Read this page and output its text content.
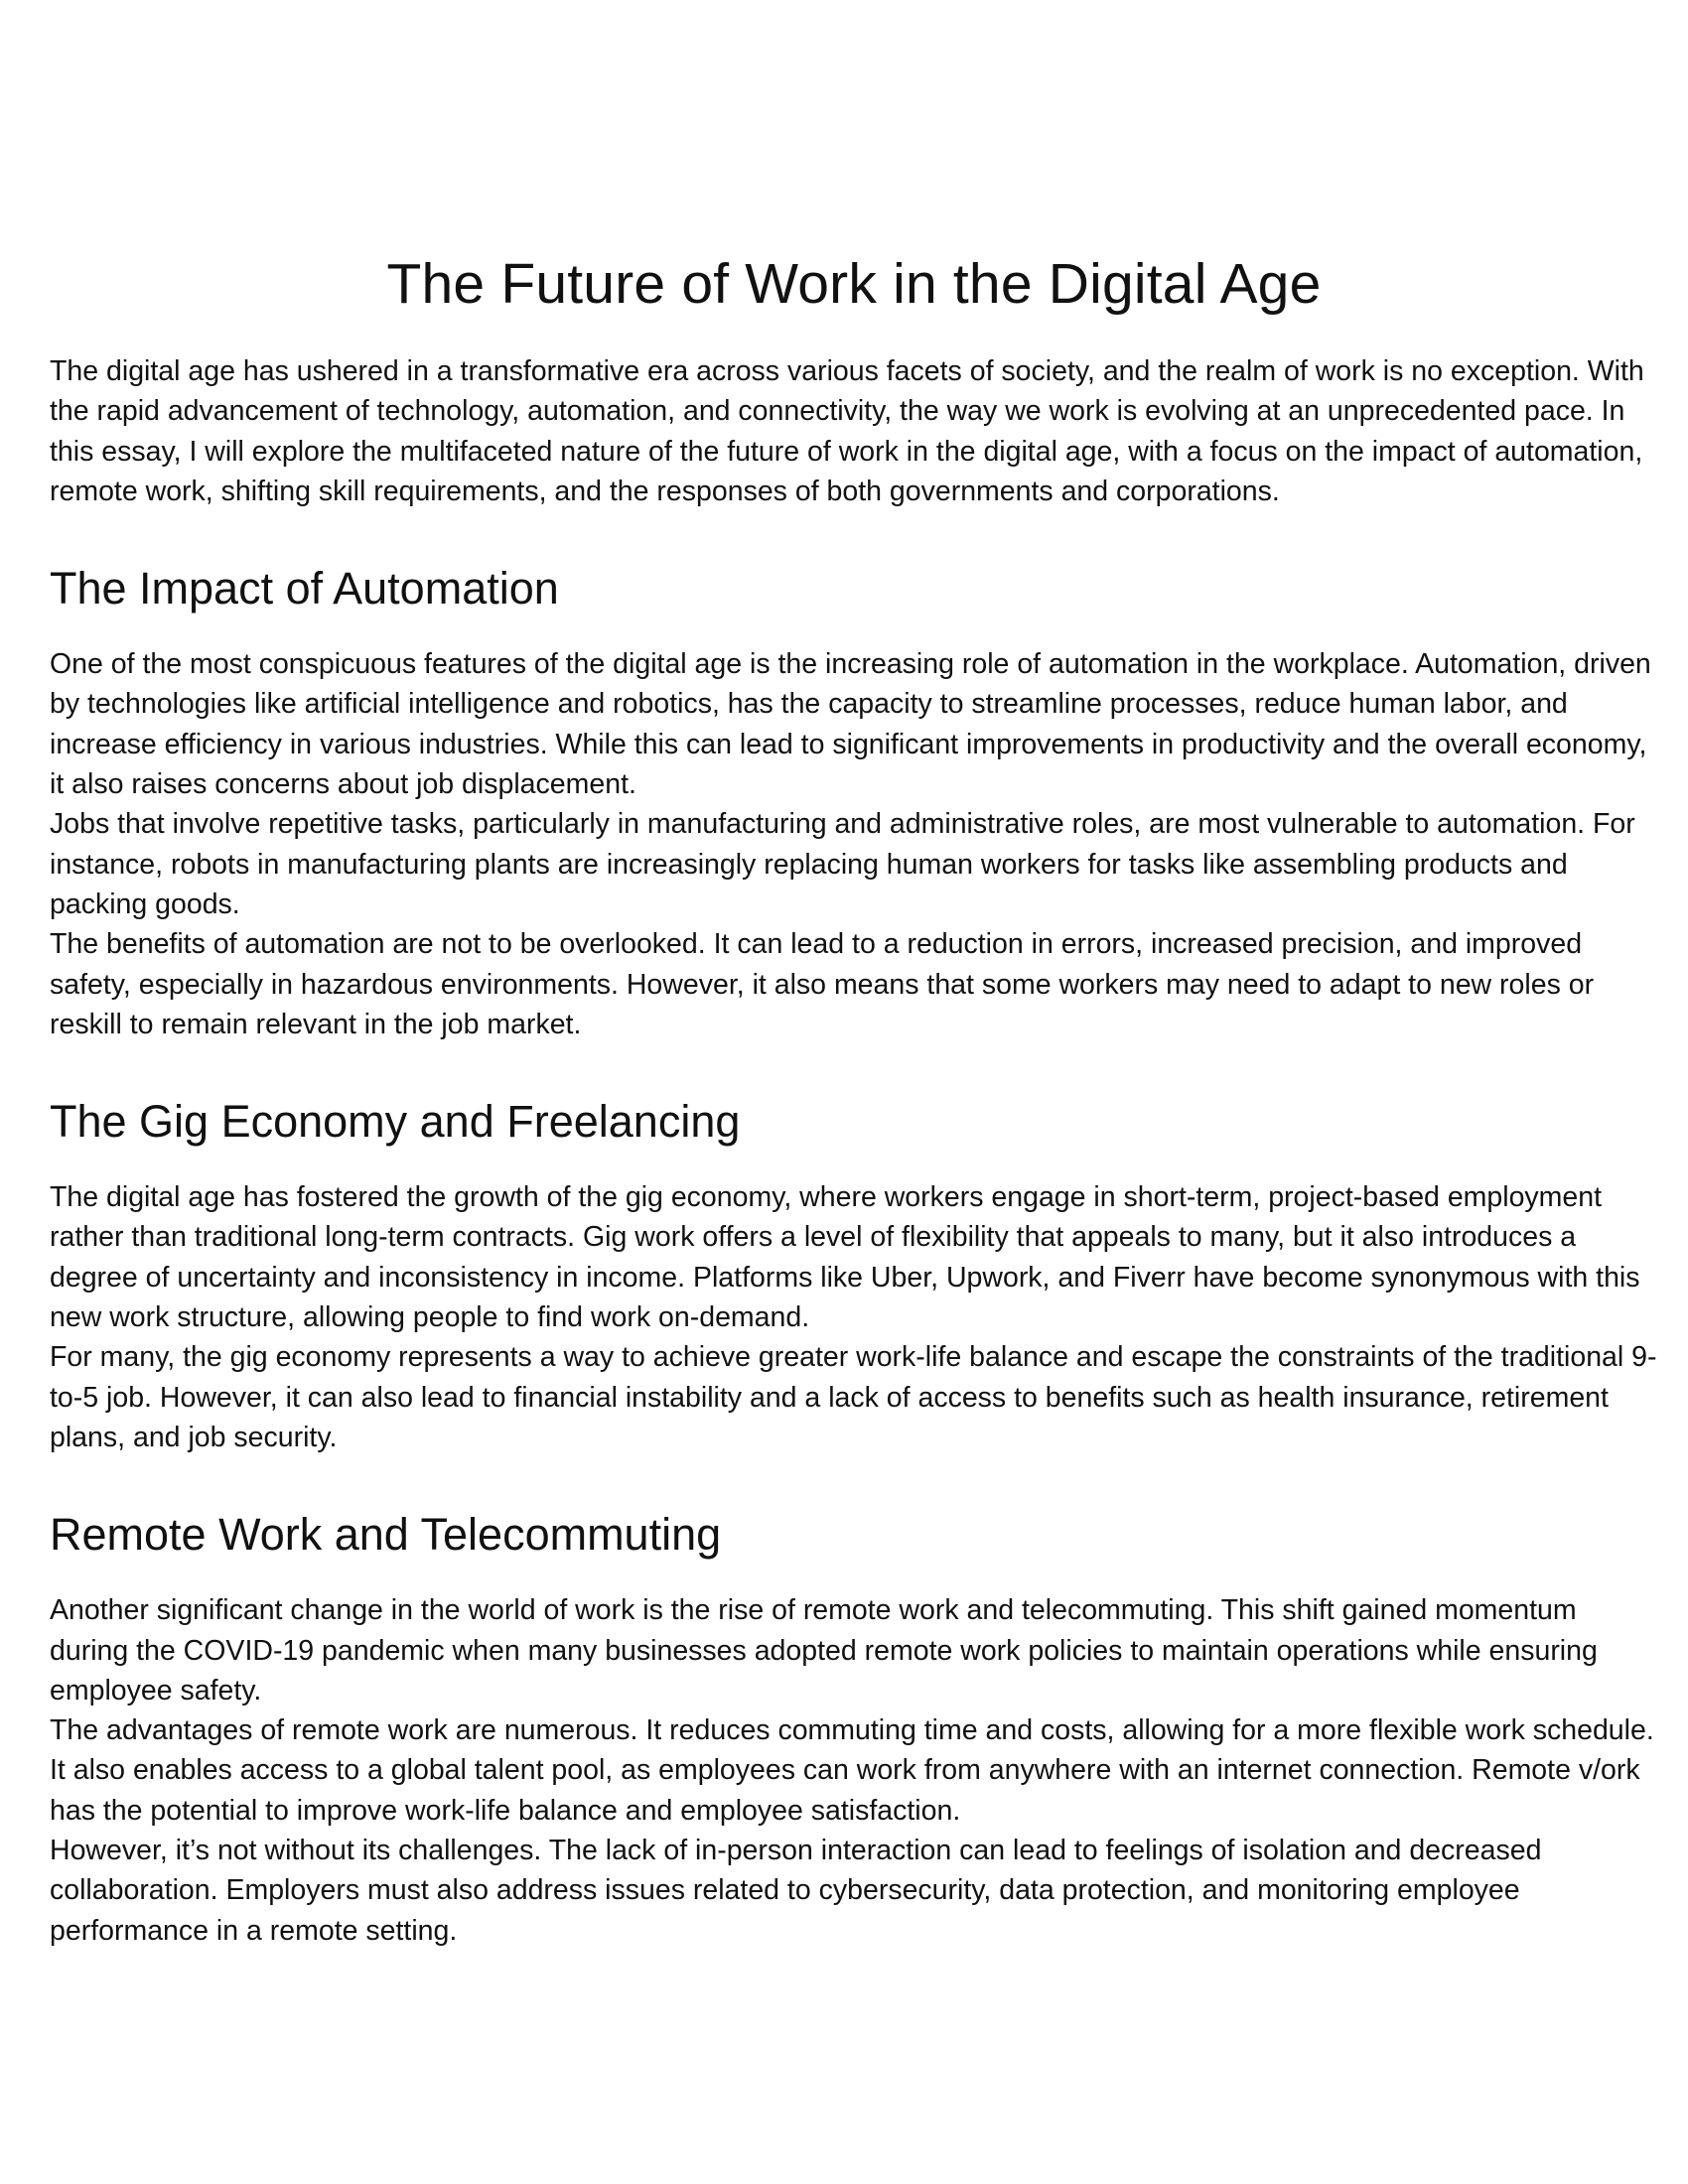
The Future of Work in the Digital Age

The digital age has ushered in a transformative era across various facets of society, and the realm of work is no exception. With the rapid advancement of technology, automation, and connectivity, the way we work is evolving at an unprecedented pace. In this essay, I will explore the multifaceted nature of the future of work in the digital age, with a focus on the impact of automation, remote work, shifting skill requirements, and the responses of both governments and corporations.

The Impact of Automation

One of the most conspicuous features of the digital age is the increasing role of automation in the workplace. Automation, driven by technologies like artificial intelligence and robotics, has the capacity to streamline processes, reduce human labor, and increase efficiency in various industries. While this can lead to significant improvements in productivity and the overall economy, it also raises concerns about job displacement.

Jobs that involve repetitive tasks, particularly in manufacturing and administrative roles, are most vulnerable to automation. For instance, robots in manufacturing plants are increasingly replacing human workers for tasks like assembling products and packing goods.

The benefits of automation are not to be overlooked. It can lead to a reduction in errors, increased precision, and improved safety, especially in hazardous environments. However, it also means that some workers may need to adapt to new roles or reskill to remain relevant in the job market.

The Gig Economy and Freelancing

The digital age has fostered the growth of the gig economy, where workers engage in short-term, project-based employment rather than traditional long-term contracts. Gig work offers a level of flexibility that appeals to many, but it also introduces a degree of uncertainty and inconsistency in income. Platforms like Uber, Upwork, and Fiverr have become synonymous with this new work structure, allowing people to find work on-demand.

For many, the gig economy represents a way to achieve greater work-life balance and escape the constraints of the traditional 9-to-5 job. However, it can also lead to financial instability and a lack of access to benefits such as health insurance, retirement plans, and job security.

Remote Work and Telecommuting

Another significant change in the world of work is the rise of remote work and telecommuting. This shift gained momentum during the COVID-19 pandemic when many businesses adopted remote work policies to maintain operations while ensuring employee safety.

The advantages of remote work are numerous. It reduces commuting time and costs, allowing for a more flexible work schedule. It also enables access to a global talent pool, as employees can work from anywhere with an internet connection. Remote v/ork has the potential to improve work-life balance and employee satisfaction.

However, it’s not without its challenges. The lack of in-person interaction can lead to feelings of isolation and decreased collaboration. Employers must also address issues related to cybersecurity, data protection, and monitoring employee performance in a remote setting.
